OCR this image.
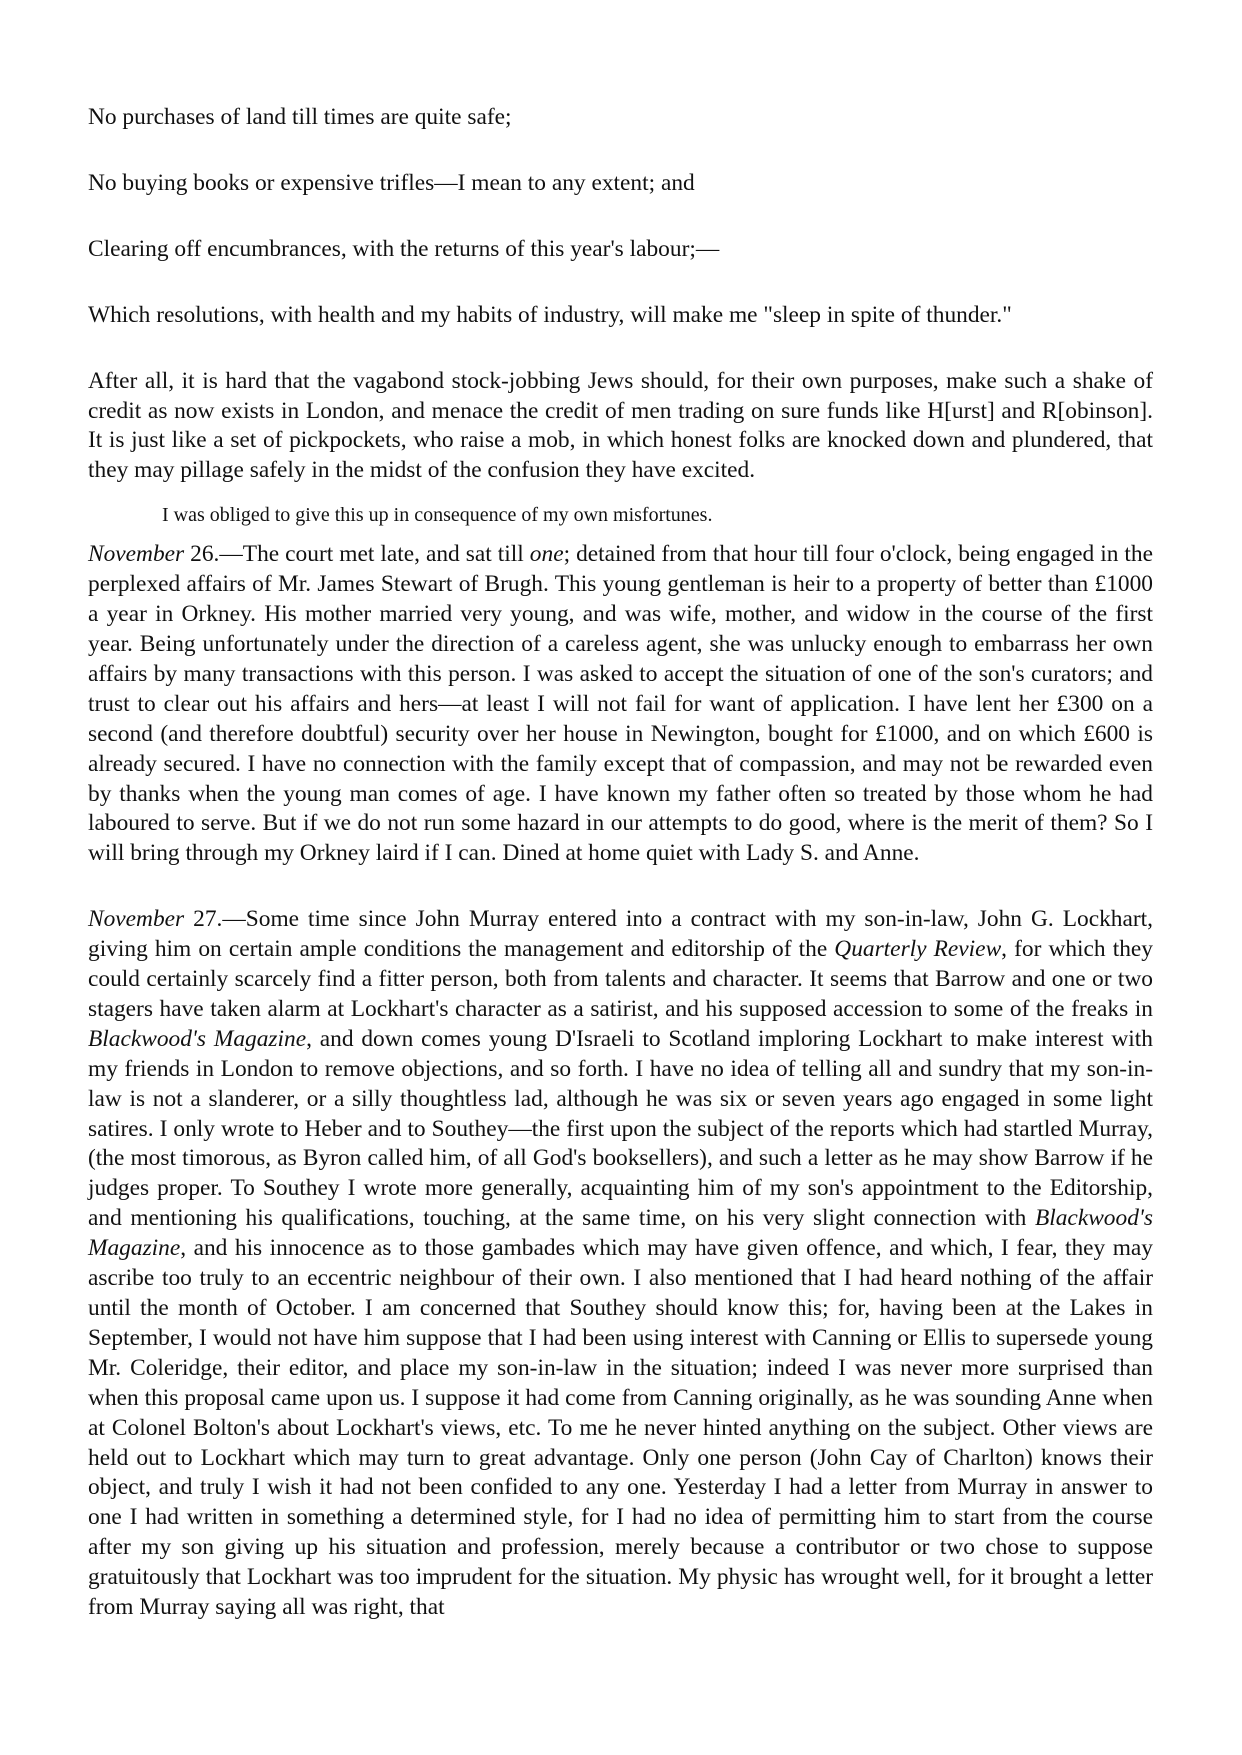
No purchases of land till times are quite safe;

No buying books or expensive trifles—I mean to any extent; and

Clearing off encumbrances, with the returns of this year's labour;—

Which resolutions, with health and my habits of industry, will make me "sleep in spite of thunder."

After all, it is hard that the vagabond stock-jobbing Jews should, for their own purposes, make such a shake of credit as now exists in London, and menace the credit of men trading on sure funds like H[urst] and R[obinson]. It is just like a set of pickpockets, who raise a mob, in which honest folks are knocked down and plundered, that they may pillage safely in the midst of the confusion they have excited.

I was obliged to give this up in consequence of my own misfortunes.

November 26.—The court met late, and sat till one; detained from that hour till four o'clock, being engaged in the perplexed affairs of Mr. James Stewart of Brugh. This young gentleman is heir to a property of better than £1000 a year in Orkney. His mother married very young, and was wife, mother, and widow in the course of the first year. Being unfortunately under the direction of a careless agent, she was unlucky enough to embarrass her own affairs by many transactions with this person. I was asked to accept the situation of one of the son's curators; and trust to clear out his affairs and hers—at least I will not fail for want of application. I have lent her £300 on a second (and therefore doubtful) security over her house in Newington, bought for £1000, and on which £600 is already secured. I have no connection with the family except that of compassion, and may not be rewarded even by thanks when the young man comes of age. I have known my father often so treated by those whom he had laboured to serve. But if we do not run some hazard in our attempts to do good, where is the merit of them? So I will bring through my Orkney laird if I can. Dined at home quiet with Lady S. and Anne.

November 27.—Some time since John Murray entered into a contract with my son-in-law, John G. Lockhart, giving him on certain ample conditions the management and editorship of the Quarterly Review, for which they could certainly scarcely find a fitter person, both from talents and character. It seems that Barrow and one or two stagers have taken alarm at Lockhart's character as a satirist, and his supposed accession to some of the freaks in Blackwood's Magazine, and down comes young D'Israeli to Scotland imploring Lockhart to make interest with my friends in London to remove objections, and so forth. I have no idea of telling all and sundry that my son-in-law is not a slanderer, or a silly thoughtless lad, although he was six or seven years ago engaged in some light satires. I only wrote to Heber and to Southey—the first upon the subject of the reports which had startled Murray, (the most timorous, as Byron called him, of all God's booksellers), and such a letter as he may show Barrow if he judges proper. To Southey I wrote more generally, acquainting him of my son's appointment to the Editorship, and mentioning his qualifications, touching, at the same time, on his very slight connection with Blackwood's Magazine, and his innocence as to those gambades which may have given offence, and which, I fear, they may ascribe too truly to an eccentric neighbour of their own. I also mentioned that I had heard nothing of the affair until the month of October. I am concerned that Southey should know this; for, having been at the Lakes in September, I would not have him suppose that I had been using interest with Canning or Ellis to supersede young Mr. Coleridge, their editor, and place my son-in-law in the situation; indeed I was never more surprised than when this proposal came upon us. I suppose it had come from Canning originally, as he was sounding Anne when at Colonel Bolton's about Lockhart's views, etc. To me he never hinted anything on the subject. Other views are held out to Lockhart which may turn to great advantage. Only one person (John Cay of Charlton) knows their object, and truly I wish it had not been confided to any one. Yesterday I had a letter from Murray in answer to one I had written in something a determined style, for I had no idea of permitting him to start from the course after my son giving up his situation and profession, merely because a contributor or two chose to suppose gratuitously that Lockhart was too imprudent for the situation. My physic has wrought well, for it brought a letter from Murray saying all was right, that
